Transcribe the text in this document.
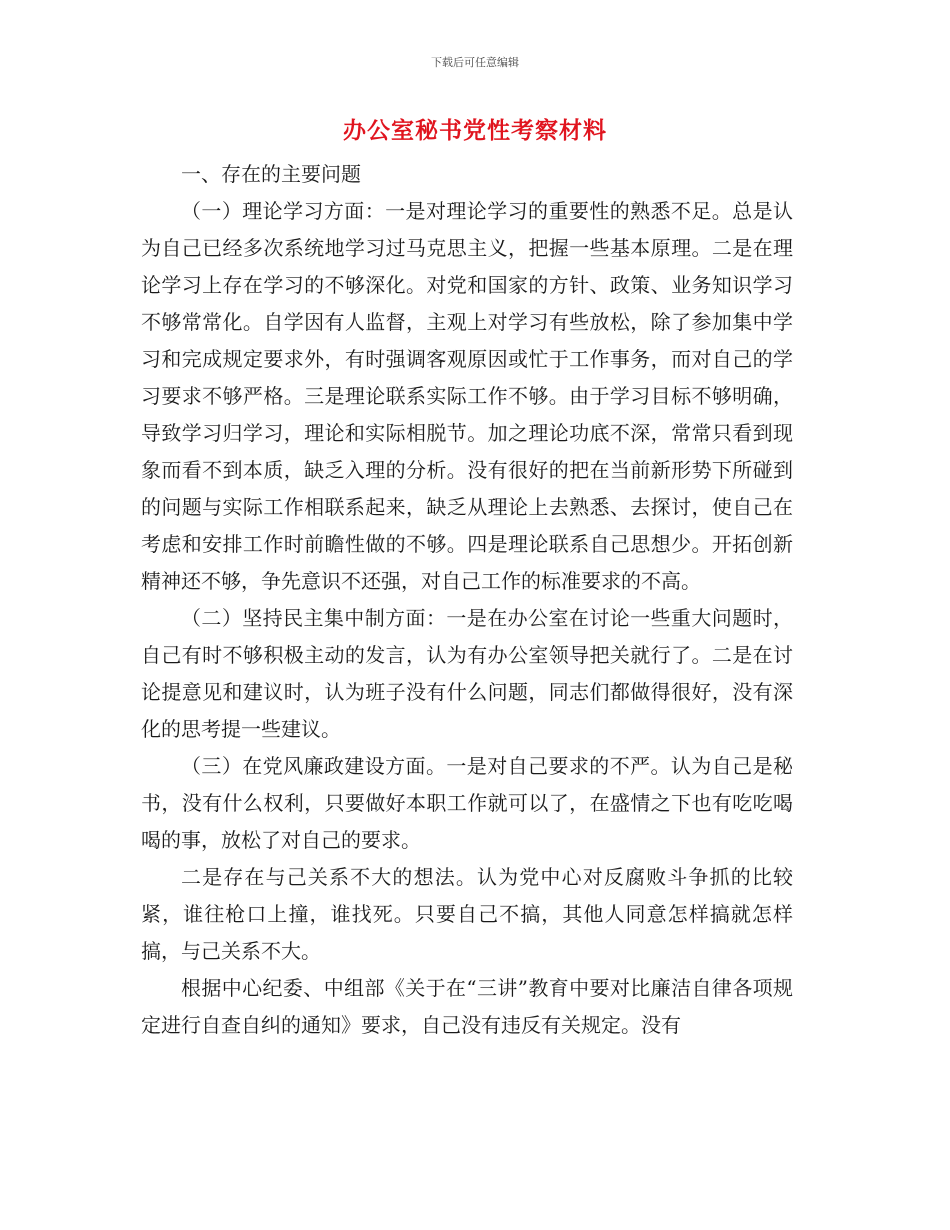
下载后可任意编辑
办公室秘书党性考察材料

一、存在的主要问题

（一）理论学习方面：一是对理论学习的重要性的熟悉不足。总是认为自己已经多次系统地学习过马克思主义，把握一些基本原理。二是在理论学习上存在学习的不够深化。对党和国家的方针、政策、业务知识学习不够常常化。自学因有人监督，主观上对学习有些放松，除了参加集中学习和完成规定要求外，有时强调客观原因或忙于工作事务，而对自己的学习要求不够严格。三是理论联系实际工作不够。由于学习目标不够明确，导致学习归学习，理论和实际相脱节。加之理论功底不深，常常只看到现象而看不到本质，缺乏入理的分析。没有很好的把在当前新形势下所碰到的问题与实际工作相联系起来，缺乏从理论上去熟悉、去探讨，使自己在考虑和安排工作时前瞻性做的不够。四是理论联系自己思想少。开拓创新精神还不够，争先意识不还强，对自己工作的标准要求的不高。

（二）坚持民主集中制方面：一是在办公室在讨论一些重大问题时，自己有时不够积极主动的发言，认为有办公室领导把关就行了。二是在讨论提意见和建议时，认为班子没有什么问题，同志们都做得很好，没有深化的思考提一些建议。

（三）在党风廉政建设方面。一是对自己要求的不严。认为自己是秘书，没有什么权利，只要做好本职工作就可以了，在盛情之下也有吃吃喝喝的事，放松了对自己的要求。

二是存在与己关系不大的想法。认为党中心对反腐败斗争抓的比较紧，谁往枪口上撞，谁找死。只要自己不搞，其他人同意怎样搞就怎样搞，与己关系不大。

根据中心纪委、中组部《关于在“三讲”教育中要对比廉洁自律各项规定进行自查自纠的通知》要求，自己没有违反有关规定。没有
